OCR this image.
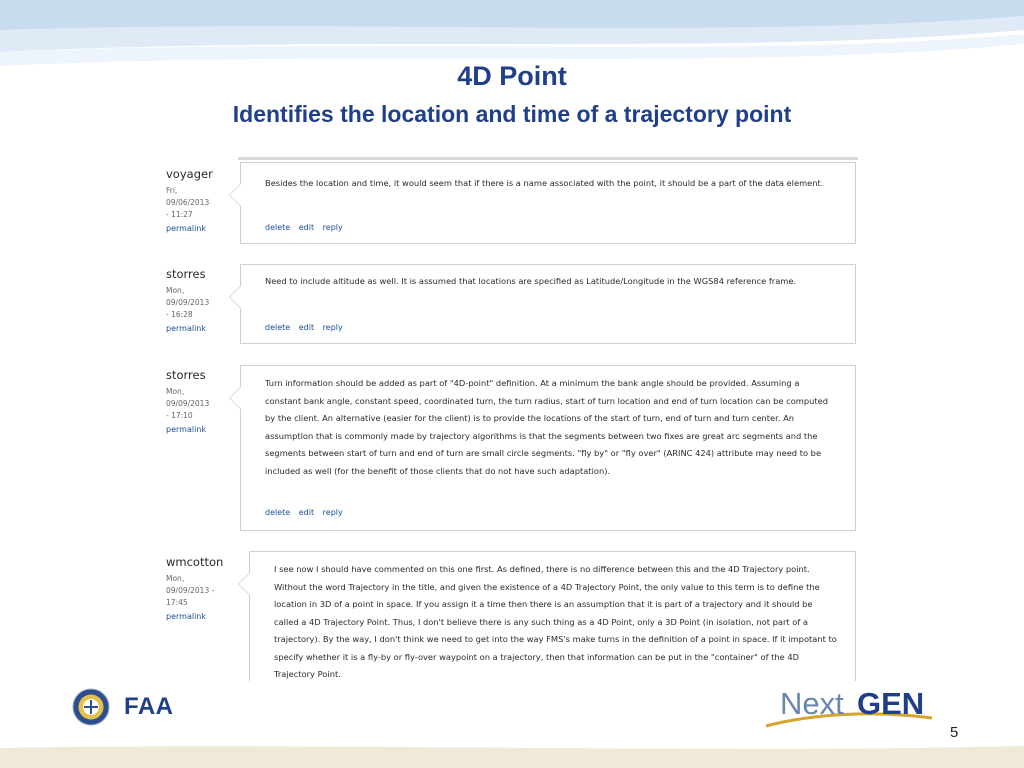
4D Point
Identifies the location and time of a trajectory point
voyager
Fri,
09/06/2013
- 11:27
permalink
Besides the location and time, it would seem that if there is a name associated with the point, it should be a part of the data element.
delete edit reply
storres
Mon,
09/09/2013
- 16:28
permalink
Need to include altitude as well. It is assumed that locations are specified as Latitude/Longitude in the WGS84 reference frame.
delete edit reply
storres
Mon,
09/09/2013
- 17:10
permalink
Turn information should be added as part of "4D-point" definition. At a minimum the bank angle should be provided. Assuming a constant bank angle, constant speed, coordinated turn, the turn radius, start of turn location and end of turn location can be computed by the client. An alternative (easier for the client) is to provide the locations of the start of turn, end of turn and turn center. An assumption that is commonly made by trajectory algorithms is that the segments between two fixes are great arc segments and the segments between start of turn and end of turn are small circle segments. "fly by" or "fly over" (ARINC 424) attribute may need to be included as well (for the benefit of those clients that do not have such adaptation).
delete edit reply
wmcotton
Mon,
09/09/2013 -
17:45
permalink
I see now I should have commented on this one first. As defined, there is no difference between this and the 4D Trajectory point. Without the word Trajectory in the title, and given the existence of a 4D Trajectory Point, the only value to this term is to define the location in 3D of a point in space. If you assign it a time then there is an assumption that it is part of a trajectory and it should be called a 4D Trajectory Point. Thus, I don't believe there is any such thing as a 4D Point, only a 3D Point (in isolation, not part of a trajectory). By the way, I don't think we need to get into the way FMS's make turns in the definition of a point in space. If it impotant to specify whether it is a fly-by or fly-over waypoint on a trajectory, then that information can be put in the "container" of the 4D Trajectory Point.
FAA	Next GEN
5
